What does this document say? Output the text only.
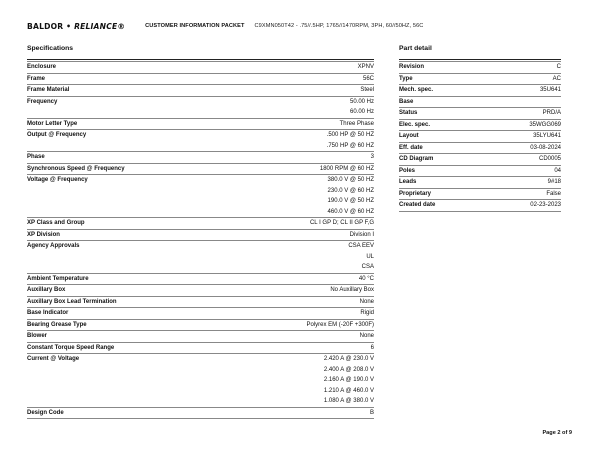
BALDOR • RELIANCE®	CUSTOMER INFORMATION PACKET C9XMN050T42 - .75//.5HP, 1765//1470RPM, 3PH, 60//50HZ, 56C
Specifications
Enclosure	XPNV
Frame	56C
Frame Material	Steel
Frequency	50.00 Hz
	60.00 Hz
Motor Letter Type	Three Phase
Output @ Frequency	.500 HP @ 50 HZ
	.750 HP @ 60 HZ
Phase	3
Synchronous Speed @ Frequency	1800 RPM @ 60 HZ
Voltage @ Frequency	380.0 V @ 50 HZ
	230.0 V @ 60 HZ
	190.0 V @ 50 HZ
	460.0 V @ 60 HZ
XP Class and Group	CL I GP D; CL II GP F,G
XP Division	Division I
Agency Approvals	CSA EEV
	UL
	CSA
Ambient Temperature	40 °C
Auxillary Box	No Auxillary Box
Auxillary Box Lead Termination	None
Base Indicator	Rigid
Bearing Grease Type	Polyrex EM (-20F +300F)
Blower	None
Constant Torque Speed Range	6
Current @ Voltage	2.420 A @ 230.0 V
	2.400 A @ 208.0 V
	2.160 A @ 190.0 V
	1.210 A @ 460.0 V
	1.080 A @ 380.0 V
Design Code	B
Part detail
Revision	C
Type	AC
Mech. spec.	35U641
Base	
Status	PRD/A
Elec. spec.	35WGG069
Layout	35LYU641
Eff. date	03-08-2024
CD Diagram	CD0005
Poles	04
Leads	9#18
Proprietary	False
Created date	02-23-2023
Page 2 of 9
